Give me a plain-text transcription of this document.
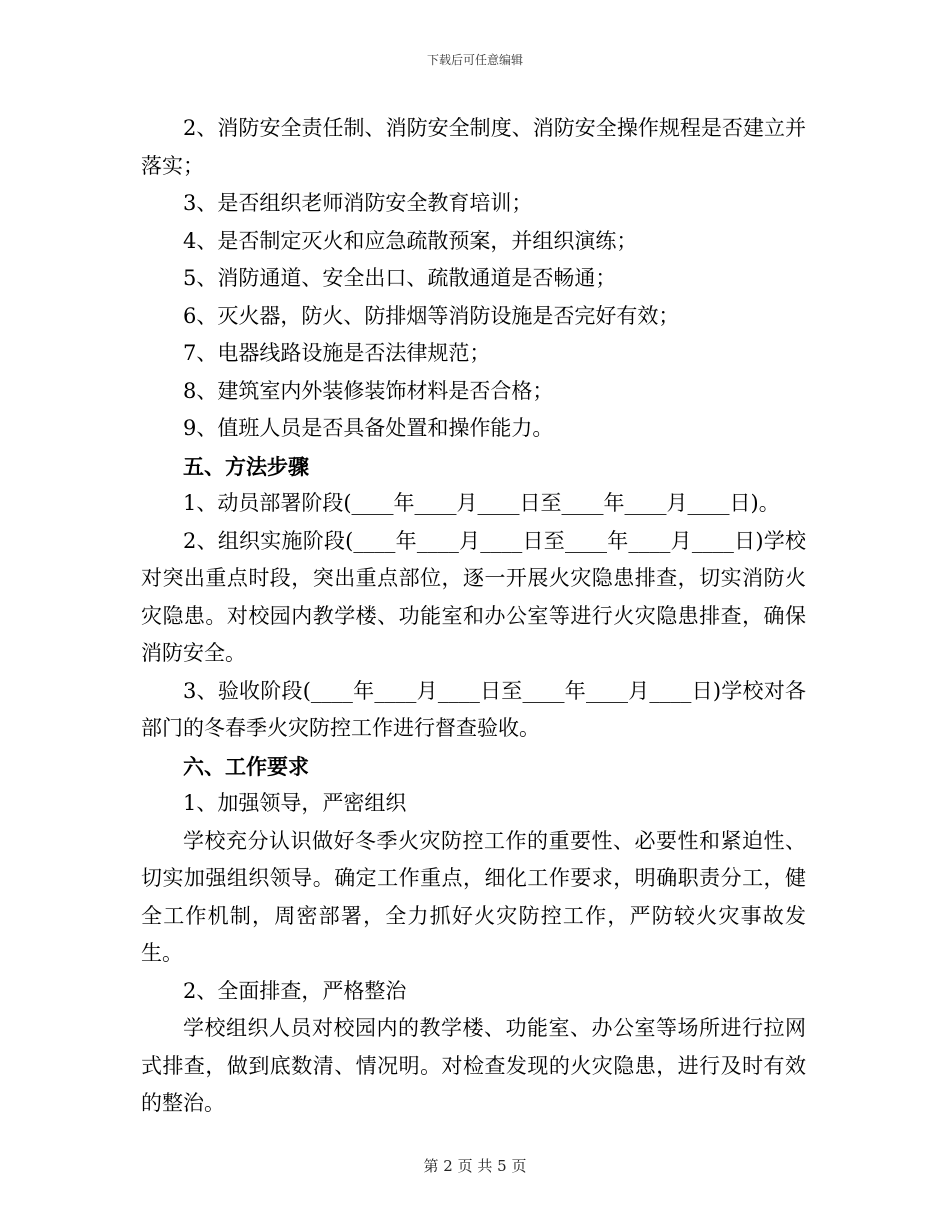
下载后可任意编辑

2、消防安全责任制、消防安全制度、消防安全操作规程是否建立并落实；

3、是否组织老师消防安全教育培训；

4、是否制定灭火和应急疏散预案，并组织演练；

5、消防通道、安全出口、疏散通道是否畅通；

6、灭火器，防火、防排烟等消防设施是否完好有效；

7、电器线路设施是否法律规范；

8、建筑室内外装修装饰材料是否合格；

9、值班人员是否具备处置和操作能力。

五、方法步骤

1、动员部署阶段(____年____月____日至____年____月____日)。

2、组织实施阶段(____年____月____日至____年____月____日)学校对突出重点时段，突出重点部位，逐一开展火灾隐患排查，切实消防火灾隐患。对校园内教学楼、功能室和办公室等进行火灾隐患排查，确保消防安全。

3、验收阶段(____年____月____日至____年____月____日)学校对各部门的冬春季火灾防控工作进行督查验收。

六、工作要求

1、加强领导，严密组织

学校充分认识做好冬季火灾防控工作的重要性、必要性和紧迫性、切实加强组织领导。确定工作重点，细化工作要求，明确职责分工，健全工作机制，周密部署，全力抓好火灾防控工作，严防较火灾事故发生。

2、全面排查，严格整治

学校组织人员对校园内的教学楼、功能室、办公室等场所进行拉网式排查，做到底数清、情况明。对检查发现的火灾隐患，进行及时有效的整治。

第 2 页 共 5 页
